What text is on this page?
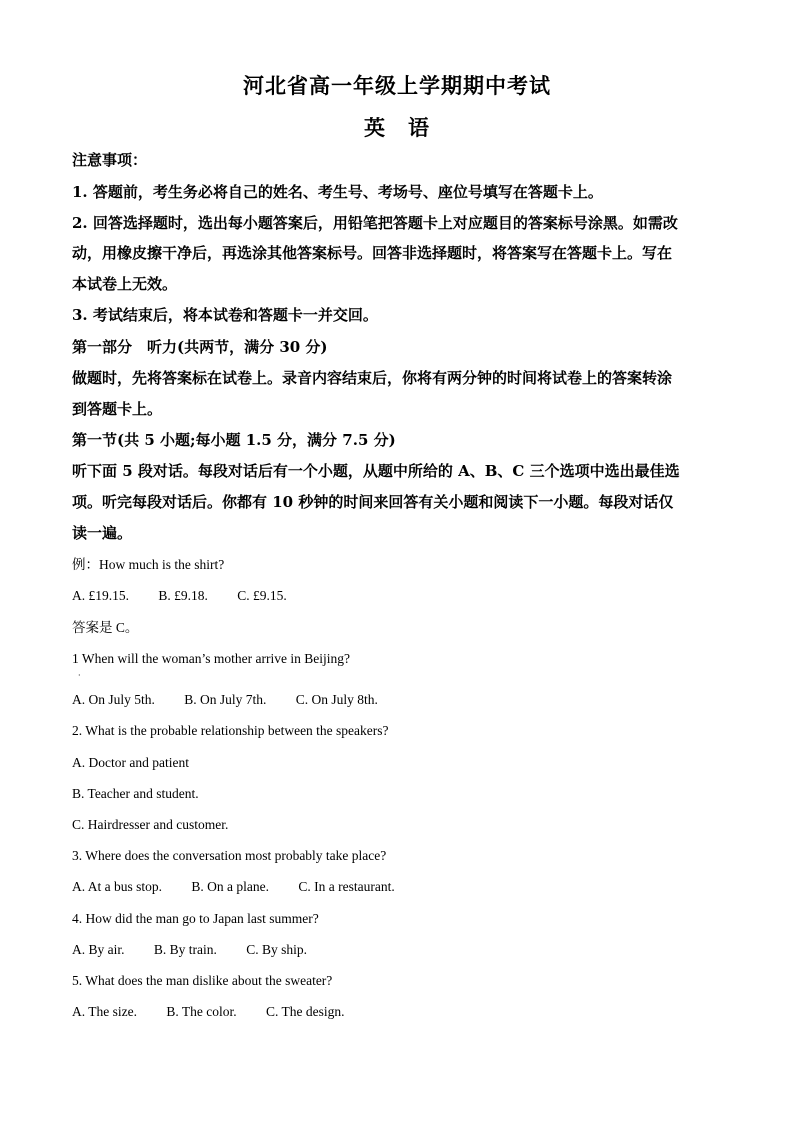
河北省高一年级上学期期中考试
英　语
注意事项：
1. 答题前，考生务必将自己的姓名、考生号、考场号、座位号填写在答题卡上。
2. 回答选择题时，选出每小题答案后，用铅笔把答题卡上对应题目的答案标号涂黑。如需改
动，用橡皮擦干净后，再选涂其他答案标号。回答非选择题时，将答案写在答题卡上。写在
本试卷上无效。
3. 考试结束后，将本试卷和答题卡一并交回。
第一部分　听力(共两节，满分 30 分)
做题时，先将答案标在试卷上。录音内容结束后，你将有两分钟的时间将试卷上的答案转涂
到答题卡上。
第一节(共 5 小题;每小题 1.5 分，满分 7.5 分)
听下面 5 段对话。每段对话后有一个小题，从题中所给的 A、B、C 三个选项中选出最佳选
项。听完每段对话后。你都有 10 秒钟的时间来回答有关小题和阅读下一小题。每段对话仅
读一遍。
例：How much is the shirt?
A. £19.15. B. £9.18. C. £9.15.
答案是 C。
1 When will the woman’s mother arrive in Beijing?
·
A. On July 5th. B. On July 7th. C. On July 8th.
2. What is the probable relationship between the speakers?
A. Doctor and patient
B. Teacher and student.
C. Hairdresser and customer.
3. Where does the conversation most probably take place?
A. At a bus stop. B. On a plane. C. In a restaurant.
4. How did the man go to Japan last summer?
A. By air. B. By train. C. By ship.
5. What does the man dislike about the sweater?
A. The size. B. The color. C. The design.
